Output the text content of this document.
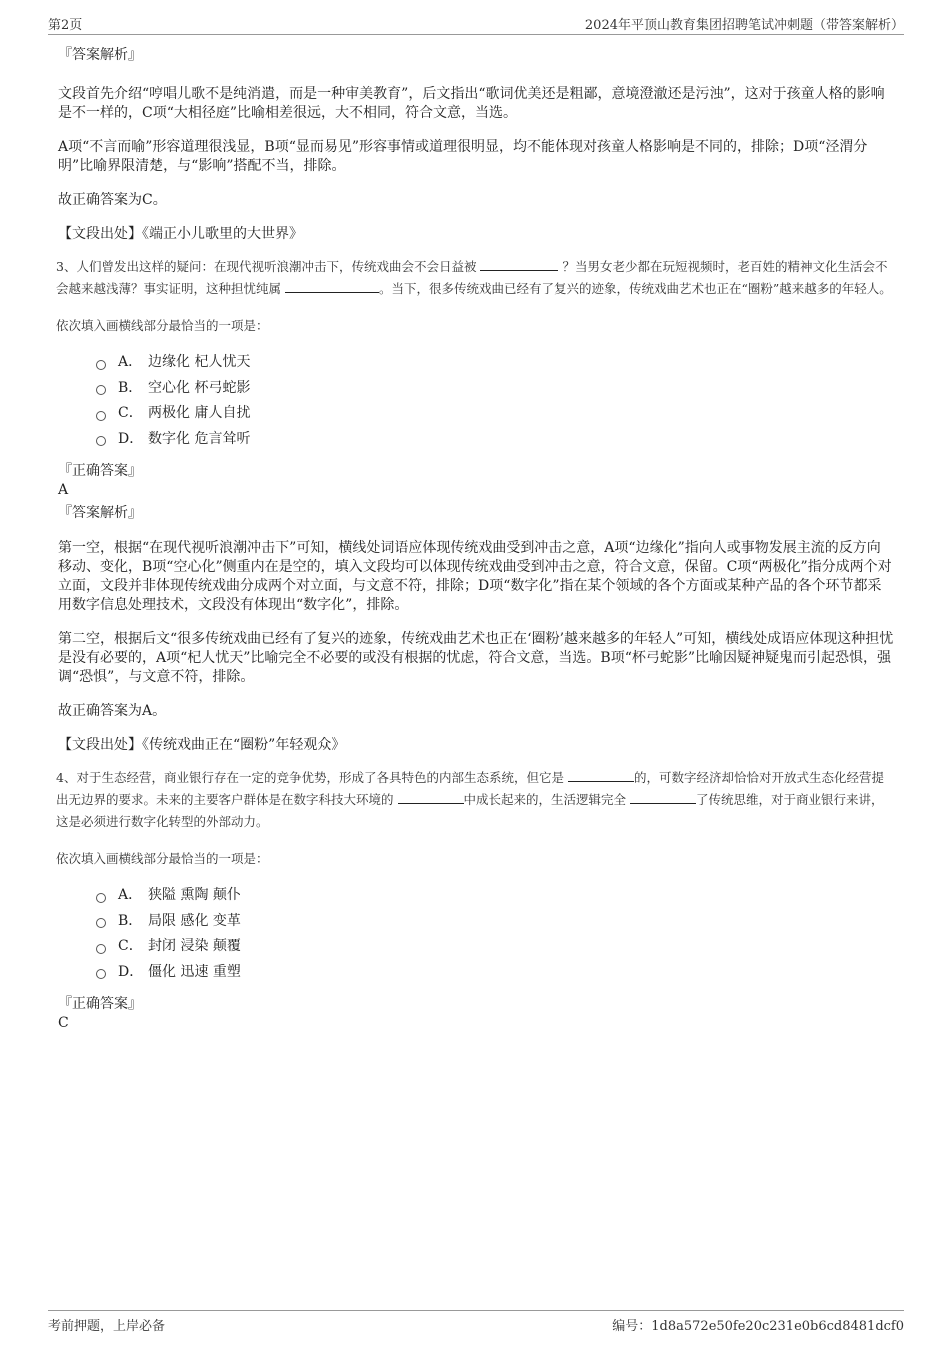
第2页	2024年平顶山教育集团招聘笔试冲刺题（带答案解析）
『答案解析』
文段首先介绍“哼唱儿歌不是纯消遣，而是一种审美教育”，后文指出“歌词优美还是粗鄙，意境澄澈还是污浊”，这对于孩童人格的影响是不一样的，C项“大相径庭”比喻相差很远，大不相同，符合文意，当选。
A项“不言而喻”形容道理很浅显，B项“显而易见”形容事情或道理很明显，均不能体现对孩童人格影响是不同的，排除；D项“泾渭分明”比喻界限清楚，与“影响”搭配不当，排除。
故正确答案为C。
【文段出处】《端正小儿歌里的大世界》
3、人们曾发出这样的疑问：在现代视听浪潮冲击下，传统戏曲会不会日益被	？当男女老少都在玩短视频时，老百姓的精神文化生活会不会越来越浅薄？事实证明，这种担忧纯属	。当下，很多传统戏曲已经有了复兴的迹象，传统戏曲艺术也正在“圈粉”越来越多的年轻人。
依次填入画横线部分最恰当的一项是：
A． 边缘化 杞人忧天
B． 空心化 杯弓蛇影
C． 两极化 庸人自扰
D． 数字化 危言耸听
『正确答案』
A
『答案解析』
第一空，根据“在现代视听浪潮冲击下”可知，横线处词语应体现传统戏曲受到冲击之意，A项“边缘化”指向人或事物发展主流的反方向移动、变化，B项“空心化”侧重内在是空的，填入文段均可以体现传统戏曲受到冲击之意，符合文意，保留。C项“两极化”指分成两个对立面，文段并非体现传统戏曲分成两个对立面，与文意不符，排除；D项“数字化”指在某个领域的各个方面或某种产品的各个环节都采用数字信息处理技术，文段没有体现出“数字化”，排除。
第二空，根据后文“很多传统戏曲已经有了复兴的迹象，传统戏曲艺术也正在‘圈粉’越来越多的年轻人”可知，横线处成语应体现这种担忧是没有必要的，A项“杞人忧天”比喻完全不必要的或没有根据的忧虑，符合文意，当选。B项“杯弓蛇影”比喻因疑神疑鬼而引起恐惧，强调“恐惧”，与文意不符，排除。
故正确答案为A。
【文段出处】《传统戏曲正在“圈粉”年轻观众》
4、对于生态经营，商业银行存在一定的竞争优势，形成了各具特色的内部生态系统，但它是	的，可数字经济却恰恰对开放式生态化经营提出无边界的要求。未来的主要客户群体是在数字科技大环境的	中成长起来的，生活逻辑完全	了传统思维，对于商业银行来讲，这是必须进行数字化转型的外部动力。
依次填入画横线部分最恰当的一项是：
A． 狭隘 熏陶 颠仆
B． 局限 感化 变革
C． 封闭 浸染 颠覆
D． 僵化 迅速 重塑
『正确答案』
C
考前押题，上岸必备	编号：1d8a572e50fe20c231e0b6cd8481dcf0
